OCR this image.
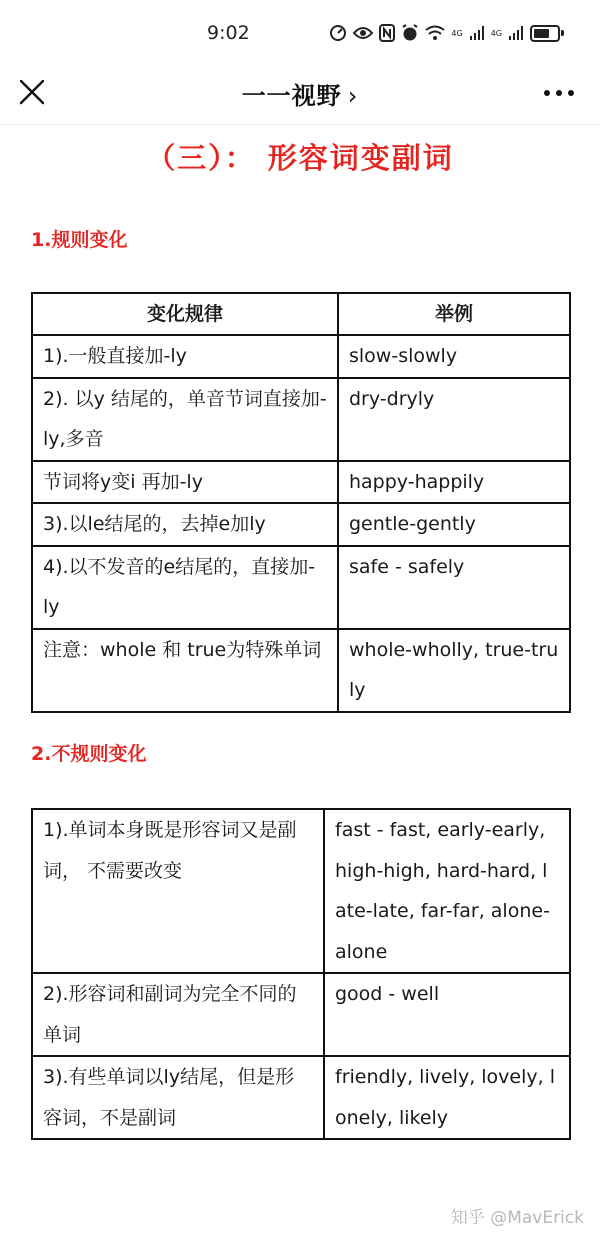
9:02	4G	4G
一一视野 ›
（三）： 形容词变副词
1.规则变化
变化规律	举例
1).一般直接加-ly	slow-slowly
2). 以y 结尾的，单音节词直接加-ly,多音	dry-dryly
节词将y变i 再加-ly	happy-happily
3).以le结尾的，去掉e加ly	gentle-gently
4).以不发音的e结尾的，直接加-ly	safe - safely
注意：whole 和 true为特殊单词	whole-wholly, true-truly
2.不规则变化
1).单词本身既是形容词又是副词， 不需要改变	fast - fast, early-early, high-high, hard-hard, late-late, far-far, alone-alone
2).形容词和副词为完全不同的单词	good - well
3).有些单词以ly结尾，但是形容词，不是副词	friendly, lively, lovely, lonely, likely
知乎 @MavErick
